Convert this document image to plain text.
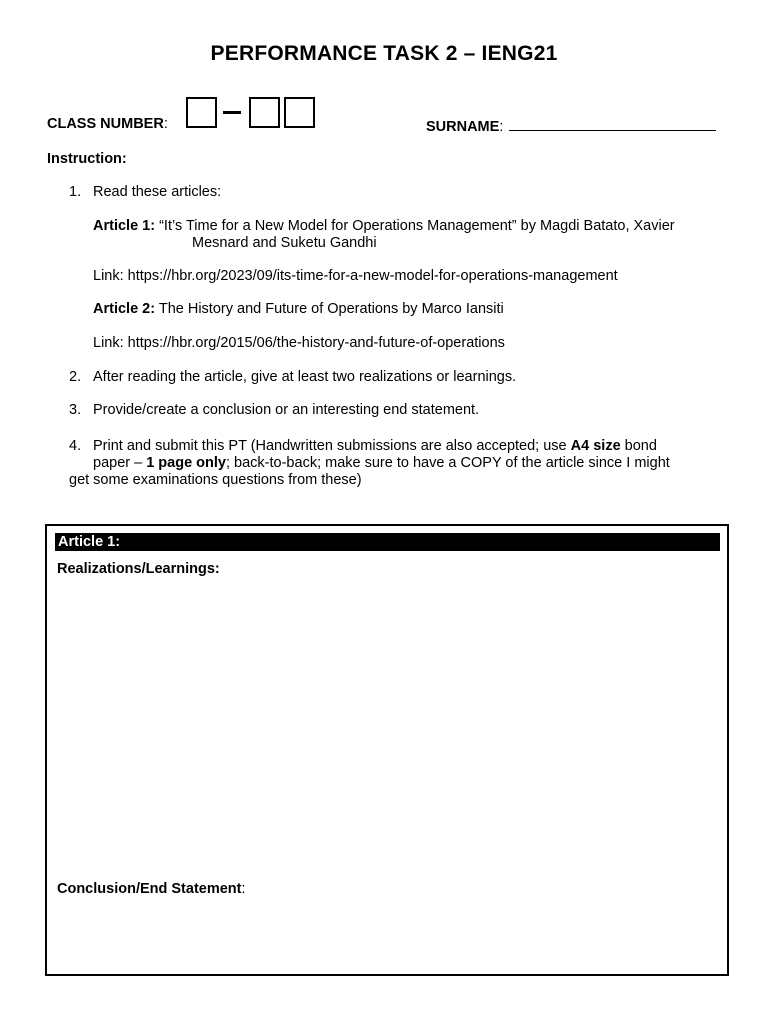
PERFORMANCE TASK 2 – IENG21
CLASS NUMBER:	SURNAME:
Instruction:
1. Read these articles:
Article 1: “It’s Time for a New Model for Operations Management” by Magdi Batato, Xavier
Mesnard and Suketu Gandhi
Link: https://hbr.org/2023/09/its-time-for-a-new-model-for-operations-management
Article 2: The History and Future of Operations by Marco Iansiti
Link: https://hbr.org/2015/06/the-history-and-future-of-operations
2. After reading the article, give at least two realizations or learnings.
3. Provide/create a conclusion or an interesting end statement.
4. Print and submit this PT (Handwritten submissions are also accepted; use A4 size bond
paper – 1 page only; back-to-back; make sure to have a COPY of the article since I might
get some examinations questions from these)
Article 1:
Realizations/Learnings:
Conclusion/End Statement:
